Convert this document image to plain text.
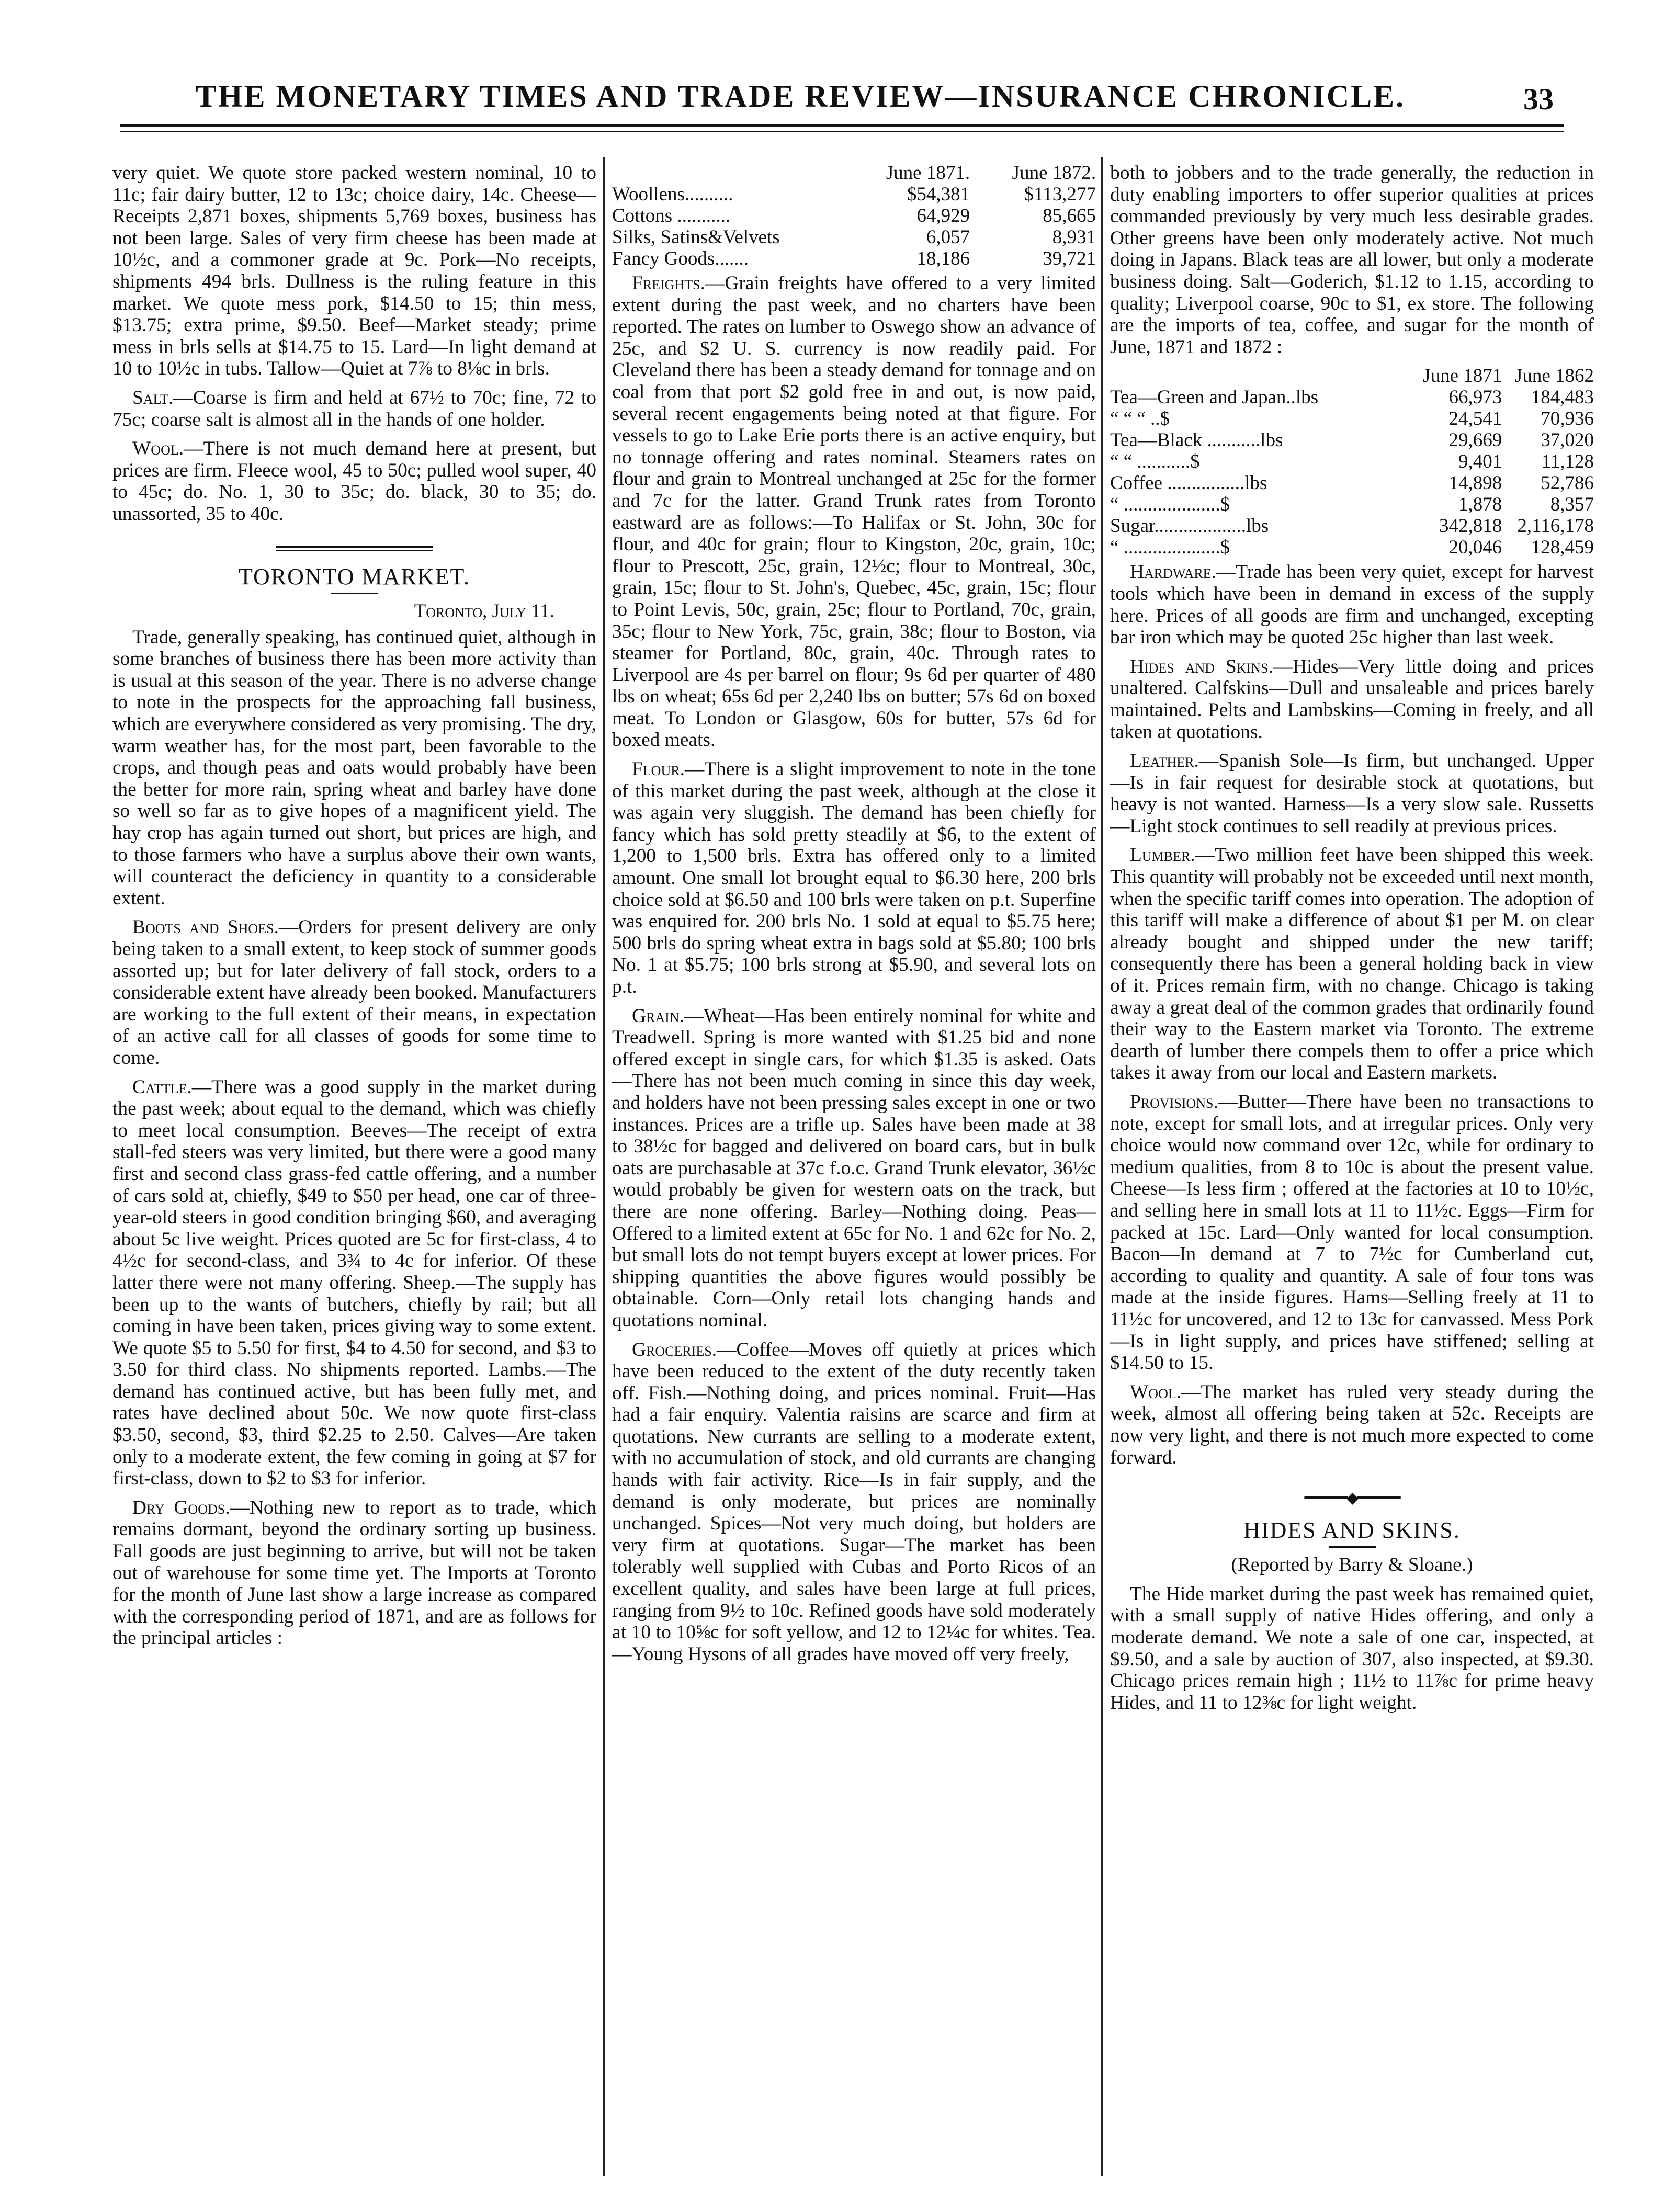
THE MONETARY TIMES AND TRADE REVIEW—INSURANCE CHRONICLE.	33

very quiet. We quote store packed western nominal, 10 to 11c; fair dairy butter, 12 to 13c; choice dairy, 14c. Cheese—Receipts 2,871 boxes, shipments 5,769 boxes, business has not been large. Sales of very firm cheese has been made at 10½c, and a commoner grade at 9c. Pork—No receipts, shipments 494 brls. Dullness is the ruling feature in this market. We quote mess pork, $14.50 to 15; thin mess, $13.75; extra prime, $9.50. Beef—Market steady; prime mess in brls sells at $14.75 to 15. Lard—In light demand at 10 to 10½c in tubs. Tallow—Quiet at 7⅞ to 8⅛c in brls.

Salt.—Coarse is firm and held at 67½ to 70c; fine, 72 to 75c; coarse salt is almost all in the hands of one holder.

Wool.—There is not much demand here at present, but prices are firm. Fleece wool, 45 to 50c; pulled wool super, 40 to 45c; do. No. 1, 30 to 35c; do. black, 30 to 35; do. unassorted, 35 to 40c.

TORONTO MARKET.
Toronto, July 11.

Trade, generally speaking, has continued quiet, although in some branches of business there has been more activity than is usual at this season of the year. There is no adverse change to note in the prospects for the approaching fall business, which are everywhere considered as very promising. The dry, warm weather has, for the most part, been favorable to the crops, and though peas and oats would probably have been the better for more rain, spring wheat and barley have done so well so far as to give hopes of a magnificent yield. The hay crop has again turned out short, but prices are high, and to those farmers who have a surplus above their own wants, will counteract the deficiency in quantity to a considerable extent.

Boots and Shoes.—Orders for present delivery are only being taken to a small extent, to keep stock of summer goods assorted up; but for later delivery of fall stock, orders to a considerable extent have already been booked. Manufacturers are working to the full extent of their means, in expectation of an active call for all classes of goods for some time to come.

Cattle.—There was a good supply in the market during the past week; about equal to the demand, which was chiefly to meet local consumption. Beeves—The receipt of extra stall-fed steers was very limited, but there were a good many first and second class grass-fed cattle offering, and a number of cars sold at, chiefly, $49 to $50 per head, one car of three-year-old steers in good condition bringing $60, and averaging about 5c live weight. Prices quoted are 5c for first-class, 4 to 4½c for second-class, and 3¾ to 4c for inferior. Of these latter there were not many offering. Sheep.—The supply has been up to the wants of butchers, chiefly by rail; but all coming in have been taken, prices giving way to some extent. We quote $5 to 5.50 for first, $4 to 4.50 for second, and $3 to 3.50 for third class. No shipments reported. Lambs.—The demand has continued active, but has been fully met, and rates have declined about 50c. We now quote first-class $3.50, second, $3, third $2.25 to 2.50. Calves—Are taken only to a moderate extent, the few coming in going at $7 for first-class, down to $2 to $3 for inferior.

Dry Goods.—Nothing new to report as to trade, which remains dormant, beyond the ordinary sorting up business. Fall goods are just beginning to arrive, but will not be taken out of warehouse for some time yet. The Imports at Toronto for the month of June last show a large increase as compared with the corresponding period of 1871, and are as follows for the principal articles :

	June 1871.	June 1872.
Woollens..........	$54,381	$113,277
Cottons ...........	64,929	85,665
Silks, Satins&Velvets	6,057	8,931
Fancy Goods.......	18,186	39,721

Freights.—Grain freights have offered to a very limited extent during the past week, and no charters have been reported. The rates on lumber to Oswego show an advance of 25c, and $2 U. S. currency is now readily paid. For Cleveland there has been a steady demand for tonnage and on coal from that port $2 gold free in and out, is now paid, several recent engagements being noted at that figure. For vessels to go to Lake Erie ports there is an active enquiry, but no tonnage offering and rates nominal. Steamers rates on flour and grain to Montreal unchanged at 25c for the former and 7c for the latter. Grand Trunk rates from Toronto eastward are as follows:—To Halifax or St. John, 30c for flour, and 40c for grain; flour to Kingston, 20c, grain, 10c; flour to Prescott, 25c, grain, 12½c; flour to Montreal, 30c, grain, 15c; flour to St. John's, Quebec, 45c, grain, 15c; flour to Point Levis, 50c, grain, 25c; flour to Portland, 70c, grain, 35c; flour to New York, 75c, grain, 38c; flour to Boston, via steamer for Portland, 80c, grain, 40c. Through rates to Liverpool are 4s per barrel on flour; 9s 6d per quarter of 480 lbs on wheat; 65s 6d per 2,240 lbs on butter; 57s 6d on boxed meat. To London or Glasgow, 60s for butter, 57s 6d for boxed meats.

Flour.—There is a slight improvement to note in the tone of this market during the past week, although at the close it was again very sluggish. The demand has been chiefly for fancy which has sold pretty steadily at $6, to the extent of 1,200 to 1,500 brls. Extra has offered only to a limited amount. One small lot brought equal to $6.30 here, 200 brls choice sold at $6.50 and 100 brls were taken on p.t. Superfine was enquired for. 200 brls No. 1 sold at equal to $5.75 here; 500 brls do spring wheat extra in bags sold at $5.80; 100 brls No. 1 at $5.75; 100 brls strong at $5.90, and several lots on p.t.

Grain.—Wheat—Has been entirely nominal for white and Treadwell. Spring is more wanted with $1.25 bid and none offered except in single cars, for which $1.35 is asked. Oats—There has not been much coming in since this day week, and holders have not been pressing sales except in one or two instances. Prices are a trifle up. Sales have been made at 38 to 38½c for bagged and delivered on board cars, but in bulk oats are purchasable at 37c f.o.c. Grand Trunk elevator, 36½c would probably be given for western oats on the track, but there are none offering. Barley—Nothing doing. Peas—Offered to a limited extent at 65c for No. 1 and 62c for No. 2, but small lots do not tempt buyers except at lower prices. For shipping quantities the above figures would possibly be obtainable. Corn—Only retail lots changing hands and quotations nominal.

Groceries.—Coffee—Moves off quietly at prices which have been reduced to the extent of the duty recently taken off. Fish.—Nothing doing, and prices nominal. Fruit—Has had a fair enquiry. Valentia raisins are scarce and firm at quotations. New currants are selling to a moderate extent, with no accumulation of stock, and old currants are changing hands with fair activity. Rice—Is in fair supply, and the demand is only moderate, but prices are nominally unchanged. Spices—Not very much doing, but holders are very firm at quotations. Sugar—The market has been tolerably well supplied with Cubas and Porto Ricos of an excellent quality, and sales have been large at full prices, ranging from 9½ to 10c. Refined goods have sold moderately at 10 to 10⅝c for soft yellow, and 12 to 12¼c for whites. Tea.—Young Hysons of all grades have moved off very freely,

both to jobbers and to the trade generally, the reduction in duty enabling importers to offer superior qualities at prices commanded previously by very much less desirable grades. Other greens have been only moderately active. Not much doing in Japans. Black teas are all lower, but only a moderate business doing. Salt—Goderich, $1.12 to 1.15, according to quality; Liverpool coarse, 90c to $1, ex store. The following are the imports of tea, coffee, and sugar for the month of June, 1871 and 1872 :

	June 1871	June 1862
Tea—Green and Japan..lbs	66,973	184,483
“ “ “ ..$	24,541	70,936
Tea—Black ...........lbs	29,669	37,020
“ “ ...........$	9,401	11,128
Coffee ................lbs	14,898	52,786
“ ....................$	1,878	8,357
Sugar...................lbs	342,818	2,116,178
“ ....................$	20,046	128,459

Hardware.—Trade has been very quiet, except for harvest tools which have been in demand in excess of the supply here. Prices of all goods are firm and unchanged, excepting bar iron which may be quoted 25c higher than last week.

Hides and Skins.—Hides—Very little doing and prices unaltered. Calfskins—Dull and unsaleable and prices barely maintained. Pelts and Lambskins—Coming in freely, and all taken at quotations.

Leather.—Spanish Sole—Is firm, but unchanged. Upper—Is in fair request for desirable stock at quotations, but heavy is not wanted. Harness—Is a very slow sale. Russetts—Light stock continues to sell readily at previous prices.

Lumber.—Two million feet have been shipped this week. This quantity will probably not be exceeded until next month, when the specific tariff comes into operation. The adoption of this tariff will make a difference of about $1 per M. on clear already bought and shipped under the new tariff; consequently there has been a general holding back in view of it. Prices remain firm, with no change. Chicago is taking away a great deal of the common grades that ordinarily found their way to the Eastern market via Toronto. The extreme dearth of lumber there compels them to offer a price which takes it away from our local and Eastern markets.

Provisions.—Butter—There have been no transactions to note, except for small lots, and at irregular prices. Only very choice would now command over 12c, while for ordinary to medium qualities, from 8 to 10c is about the present value. Cheese—Is less firm ; offered at the factories at 10 to 10½c, and selling here in small lots at 11 to 11½c. Eggs—Firm for packed at 15c. Lard—Only wanted for local consumption. Bacon—In demand at 7 to 7½c for Cumberland cut, according to quality and quantity. A sale of four tons was made at the inside figures. Hams—Selling freely at 11 to 11½c for uncovered, and 12 to 13c for canvassed. Mess Pork—Is in light supply, and prices have stiffened; selling at $14.50 to 15.

Wool.—The market has ruled very steady during the week, almost all offering being taken at 52c. Receipts are now very light, and there is not much more expected to come forward.

━━━━━◆━━━━━
HIDES AND SKINS.

(Reported by Barry & Sloane.)

The Hide market during the past week has remained quiet, with a small supply of native Hides offering, and only a moderate demand. We note a sale of one car, inspected, at $9.50, and a sale by auction of 307, also inspected, at $9.30. Chicago prices remain high ; 11½ to 11⅞c for prime heavy Hides, and 11 to 12⅜c for light weight.
